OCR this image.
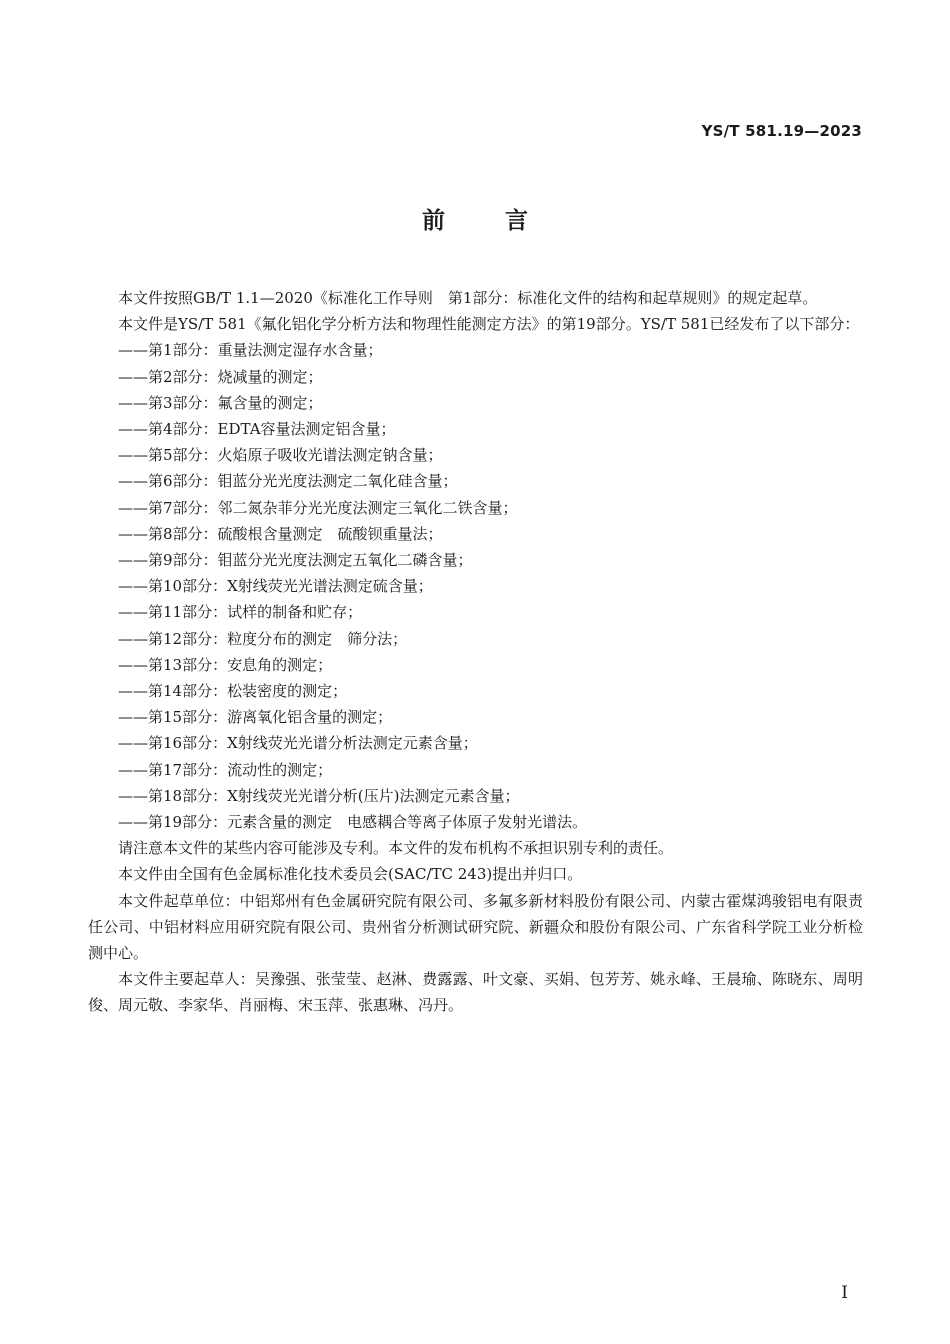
YS/T 581.19—2023
前言

本文件按照GB/T 1.1—2020《标准化工作导则　第1部分：标准化文件的结构和起草规则》的规定起草。

本文件是YS/T 581《氟化铝化学分析方法和物理性能测定方法》的第19部分。YS/T 581已经发布了以下部分：

——第1部分：重量法测定湿存水含量；
——第2部分：烧减量的测定；
——第3部分：氟含量的测定；
——第4部分：EDTA容量法测定铝含量；
——第5部分：火焰原子吸收光谱法测定钠含量；
——第6部分：钼蓝分光光度法测定二氧化硅含量；
——第7部分：邻二氮杂菲分光光度法测定三氧化二铁含量；
——第8部分：硫酸根含量测定　硫酸钡重量法；
——第9部分：钼蓝分光光度法测定五氧化二磷含量；
——第10部分：X射线荧光光谱法测定硫含量；
——第11部分：试样的制备和贮存；
——第12部分：粒度分布的测定　筛分法；
——第13部分：安息角的测定；
——第14部分：松装密度的测定；
——第15部分：游离氧化铝含量的测定；
——第16部分：X射线荧光光谱分析法测定元素含量；
——第17部分：流动性的测定；
——第18部分：X射线荧光光谱分析(压片)法测定元素含量；
——第19部分：元素含量的测定　电感耦合等离子体原子发射光谱法。

请注意本文件的某些内容可能涉及专利。本文件的发布机构不承担识别专利的责任。

本文件由全国有色金属标准化技术委员会(SAC/TC 243)提出并归口。

本文件起草单位：中铝郑州有色金属研究院有限公司、多氟多新材料股份有限公司、内蒙古霍煤鸿骏铝电有限责任公司、中铝材料应用研究院有限公司、贵州省分析测试研究院、新疆众和股份有限公司、广东省科学院工业分析检测中心。

本文件主要起草人：吴豫强、张莹莹、赵淋、费露露、叶文豪、买娟、包芳芳、姚永峰、王晨瑜、陈晓东、周明俊、周元敬、李家华、肖丽梅、宋玉萍、张惠琳、冯丹。

I
